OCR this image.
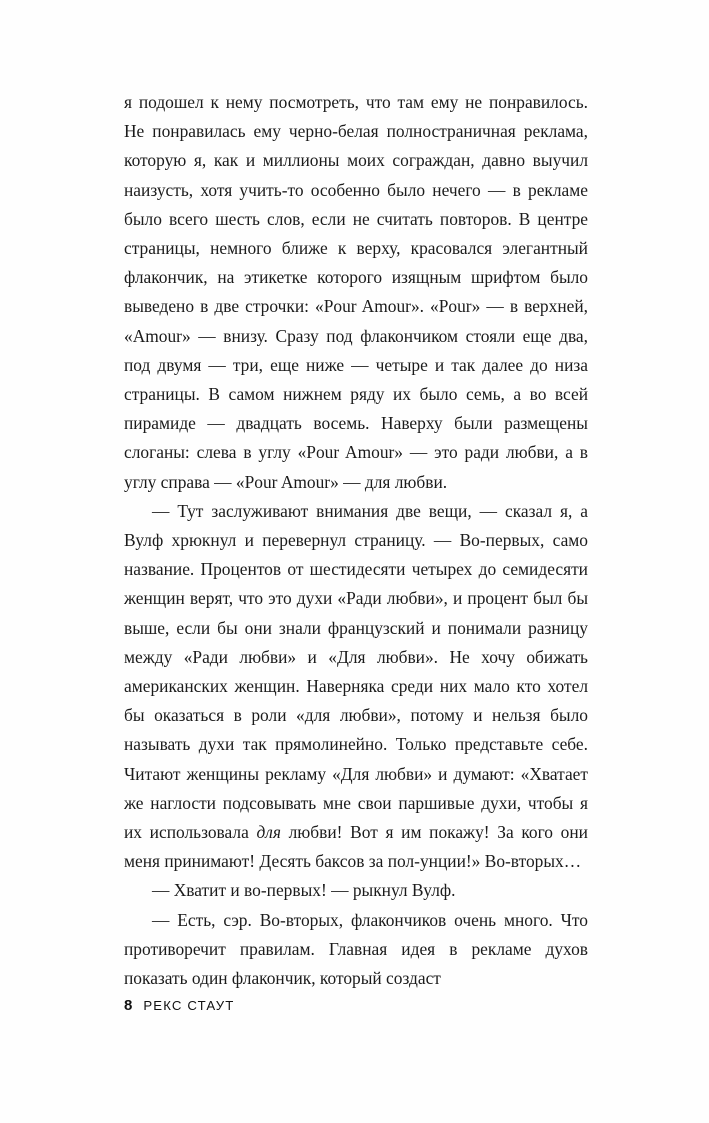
я подошел к нему посмотреть, что там ему не понравилось. Не понравилась ему черно-белая полностраничная реклама, которую я, как и миллионы моих сограждан, давно выучил наизусть, хотя учить-то особенно было нечего — в рекламе было всего шесть слов, если не считать повторов. В центре страницы, немного ближе к верху, красовался элегантный флакончик, на этикетке которого изящным шрифтом было выведено в две строчки: «Pour Amour». «Pour» — в верхней, «Amour» — внизу. Сразу под флакончиком стояли еще два, под двумя — три, еще ниже — четыре и так далее до низа страницы. В самом нижнем ряду их было семь, а во всей пирамиде — двадцать восемь. Наверху были размещены слоганы: слева в углу «Pour Amour» — это ради любви, а в углу справа — «Pour Amour» — для любви.

— Тут заслуживают внимания две вещи, — сказал я, а Вулф хрюкнул и перевернул страницу. — Во-первых, само название. Процентов от шестидесяти четырех до семидесяти женщин верят, что это духи «Ради любви», и процент был бы выше, если бы они знали французский и понимали разницу между «Ради любви» и «Для любви». Не хочу обижать американских женщин. Наверняка среди них мало кто хотел бы оказаться в роли «для любви», потому и нельзя было называть духи так прямолинейно. Только представьте себе. Читают женщины рекламу «Для любви» и думают: «Хватает же наглости подсовывать мне свои паршивые духи, чтобы я их использовала для любви! Вот я им покажу! За кого они меня принимают! Десять баксов за пол-унции!» Во-вторых…

— Хватит и во-первых! — рыкнул Вулф.

— Есть, сэр. Во-вторых, флакончиков очень много. Что противоречит правилам. Главная идея в рекламе духов показать один флакончик, который создаст

8 РЕКС СТАУТ
